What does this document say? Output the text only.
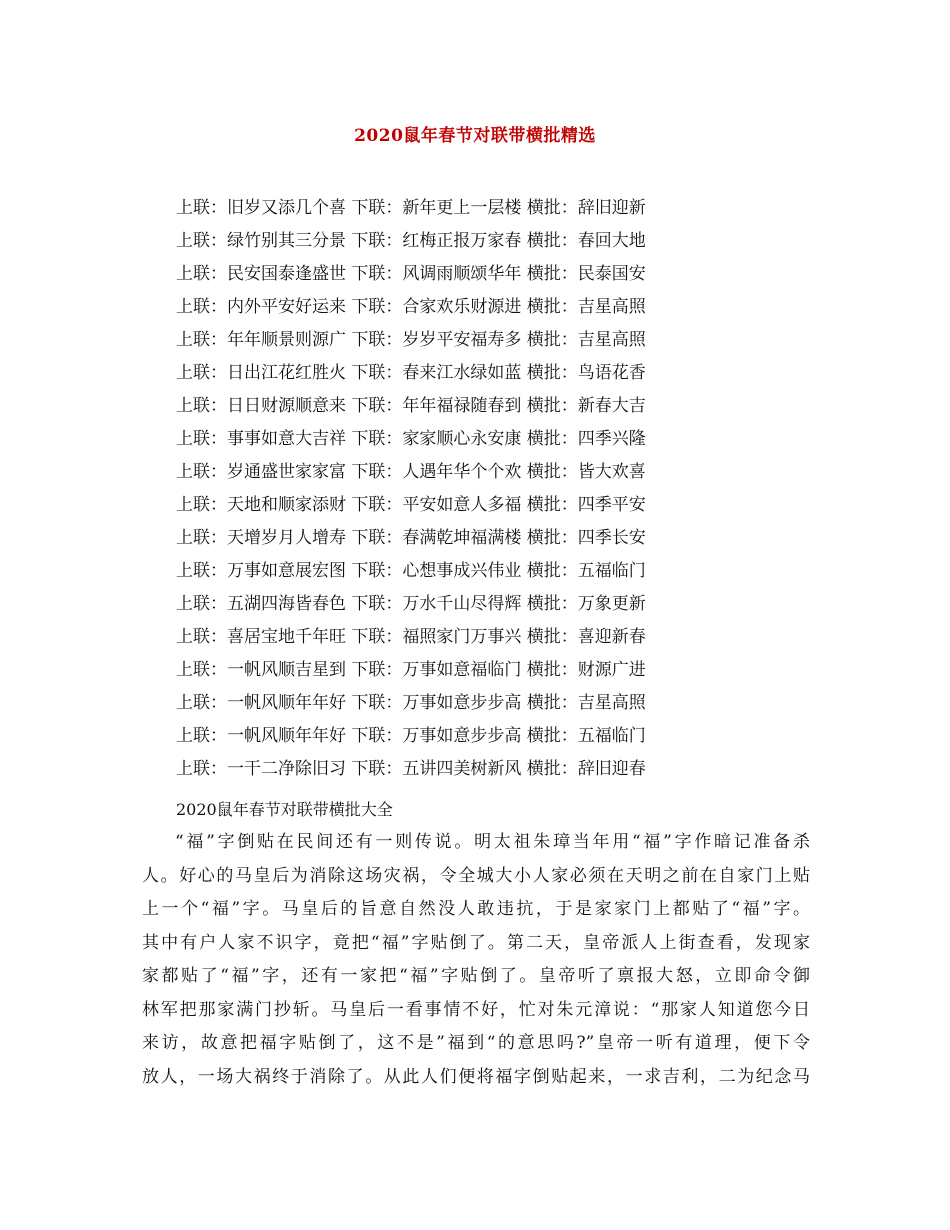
2020鼠年春节对联带横批精选
上联：旧岁又添几个喜 下联：新年更上一层楼 横批：辞旧迎新
上联：绿竹别其三分景 下联：红梅正报万家春 横批：春回大地
上联：民安国泰逢盛世 下联：风调雨顺颂华年 横批：民泰国安
上联：内外平安好运来 下联：合家欢乐财源进 横批：吉星高照
上联：年年顺景则源广 下联：岁岁平安福寿多 横批：吉星高照
上联：日出江花红胜火 下联：春来江水绿如蓝 横批：鸟语花香
上联：日日财源顺意来 下联：年年福禄随春到 横批：新春大吉
上联：事事如意大吉祥 下联：家家顺心永安康 横批：四季兴隆
上联：岁通盛世家家富 下联：人遇年华个个欢 横批：皆大欢喜
上联：天地和顺家添财 下联：平安如意人多福 横批：四季平安
上联：天增岁月人增寿 下联：春满乾坤福满楼 横批：四季长安
上联：万事如意展宏图 下联：心想事成兴伟业 横批：五福临门
上联：五湖四海皆春色 下联：万水千山尽得辉 横批：万象更新
上联：喜居宝地千年旺 下联：福照家门万事兴 横批：喜迎新春
上联：一帆风顺吉星到 下联：万事如意福临门 横批：财源广进
上联：一帆风顺年年好 下联：万事如意步步高 横批：吉星高照
上联：一帆风顺年年好 下联：万事如意步步高 横批：五福临门
上联：一干二净除旧习 下联：五讲四美树新风 横批：辞旧迎春
2020鼠年春节对联带横批大全
“福”字倒贴在民间还有一则传说。明太祖朱璋当年用“福”字作暗记准备杀
人。好心的马皇后为消除这场灾祸，令全城大小人家必须在天明之前在自家门上贴
上一个“福”字。马皇后的旨意自然没人敢违抗，于是家家门上都贴了“福”字。
其中有户人家不识字，竟把“福”字贴倒了。第二天，皇帝派人上街查看，发现家
家都贴了“福”字，还有一家把“福”字贴倒了。皇帝听了禀报大怒，立即命令御
林军把那家满门抄斩。马皇后一看事情不好，忙对朱元漳说：“那家人知道您今日
来访，故意把福字贴倒了，这不是”福到“的意思吗?”皇帝一听有道理，便下令
放人，一场大祸终于消除了。从此人们便将福字倒贴起来，一求吉利，二为纪念马
